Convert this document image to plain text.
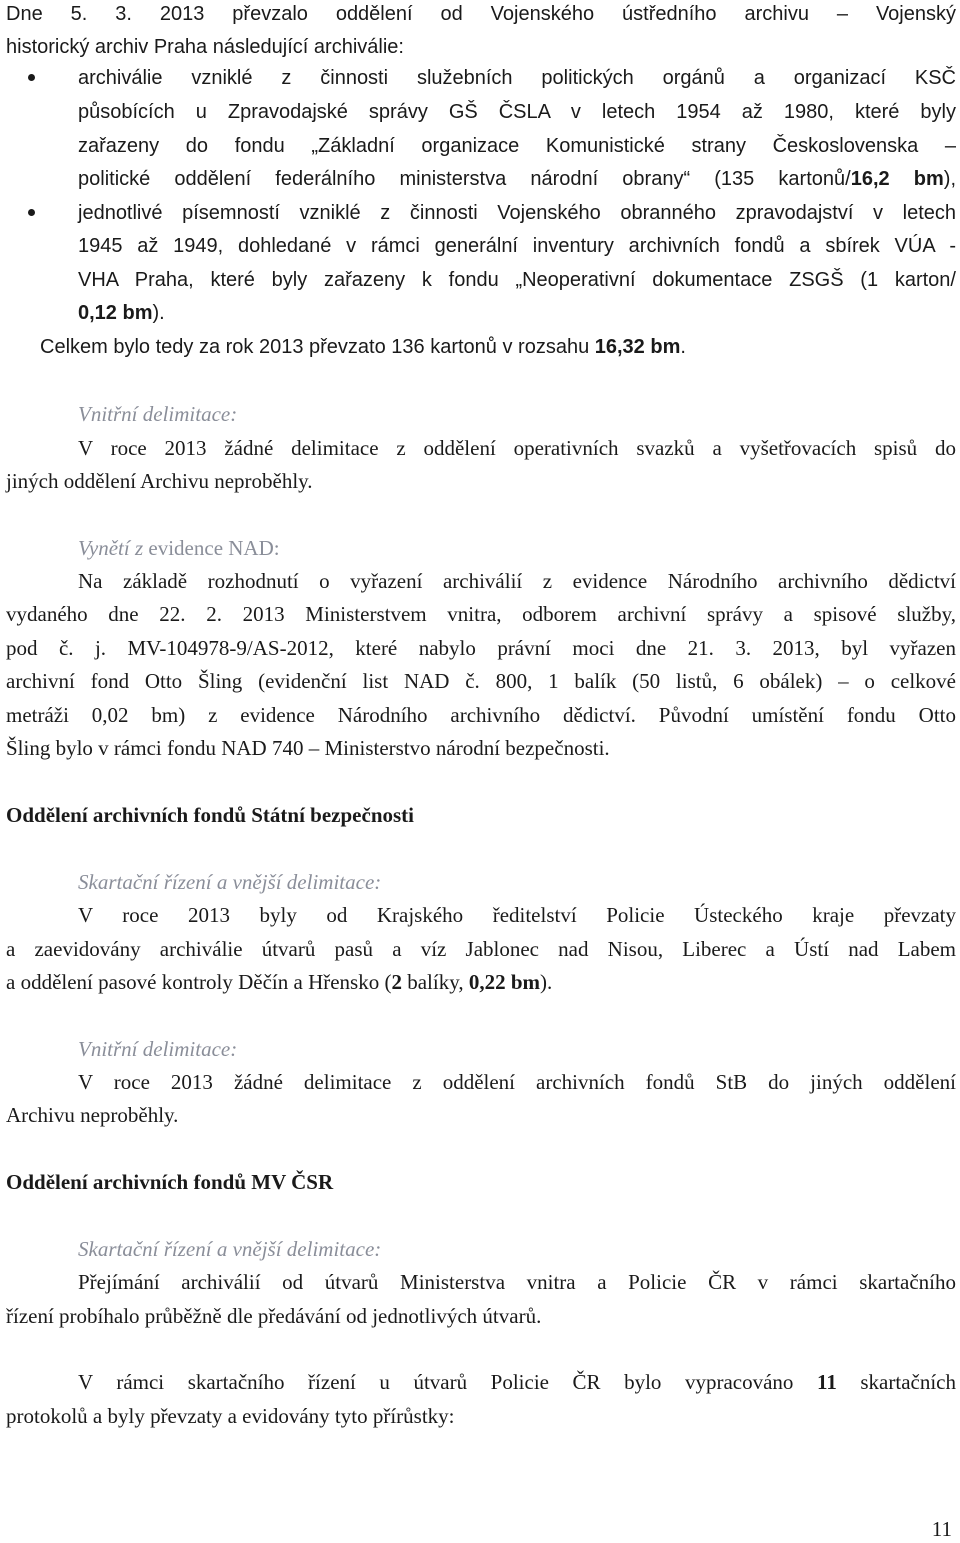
Dne 5. 3. 2013 převzalo oddělení od Vojenského ústředního archivu – Vojenský
historický archiv Praha následující archiválie:
archiválie vzniklé z činnosti služebních politických orgánů a organizací KSČ
působících u Zpravodajské správy GŠ ČSLA v letech 1954 až 1980, které byly
zařazeny do fondu „Základní organizace Komunistické strany Československa –
politické oddělení federálního ministerstva národní obrany“ (135 kartonů/16,2 bm),
jednotlivé písemností vzniklé z činnosti Vojenského obranného zpravodajství v letech
1945 až 1949, dohledané v rámci generální inventury archivních fondů a sbírek VÚA -
VHA Praha, které byly zařazeny k fondu „Neoperativní dokumentace ZSGŠ (1 karton/
0,12 bm).
Celkem bylo tedy za rok 2013 převzato 136 kartonů v rozsahu 16,32 bm.
Vnitřní delimitace:
V roce 2013 žádné delimitace z oddělení operativních svazků a vyšetřovacích spisů do
jiných oddělení Archivu neproběhly.
Vynětí z evidence NAD:
Na základě rozhodnutí o vyřazení archiválií z evidence Národního archivního dědictví
vydaného dne 22. 2. 2013 Ministerstvem vnitra, odborem archivní správy a spisové služby,
pod č. j. MV-104978-9/AS-2012, které nabylo právní moci dne 21. 3. 2013, byl vyřazen
archivní fond Otto Šling (evidenční list NAD č. 800, 1 balík (50 listů, 6 obálek) – o celkové
metráži 0,02 bm) z evidence Národního archivního dědictví. Původní umístění fondu Otto
Šling bylo v rámci fondu NAD 740 – Ministerstvo národní bezpečnosti.
Oddělení archivních fondů Státní bezpečnosti
Skartační řízení a vnější delimitace:
V roce 2013 byly od Krajského ředitelství Policie Ústeckého kraje převzaty
a zaevidovány archiválie útvarů pasů a víz Jablonec nad Nisou, Liberec a Ústí nad Labem
a oddělení pasové kontroly Děčín a Hřensko (2 balíky, 0,22 bm).
Vnitřní delimitace:
V roce 2013 žádné delimitace z oddělení archivních fondů StB do jiných oddělení
Archivu neproběhly.
Oddělení archivních fondů MV ČSR
Skartační řízení a vnější delimitace:
Přejímání archiválií od útvarů Ministerstva vnitra a Policie ČR v rámci skartačního
řízení probíhalo průběžně dle předávání od jednotlivých útvarů.
V rámci skartačního řízení u útvarů Policie ČR bylo vypracováno 11 skartačních
protokolů a byly převzaty a evidovány tyto přírůstky:
11
